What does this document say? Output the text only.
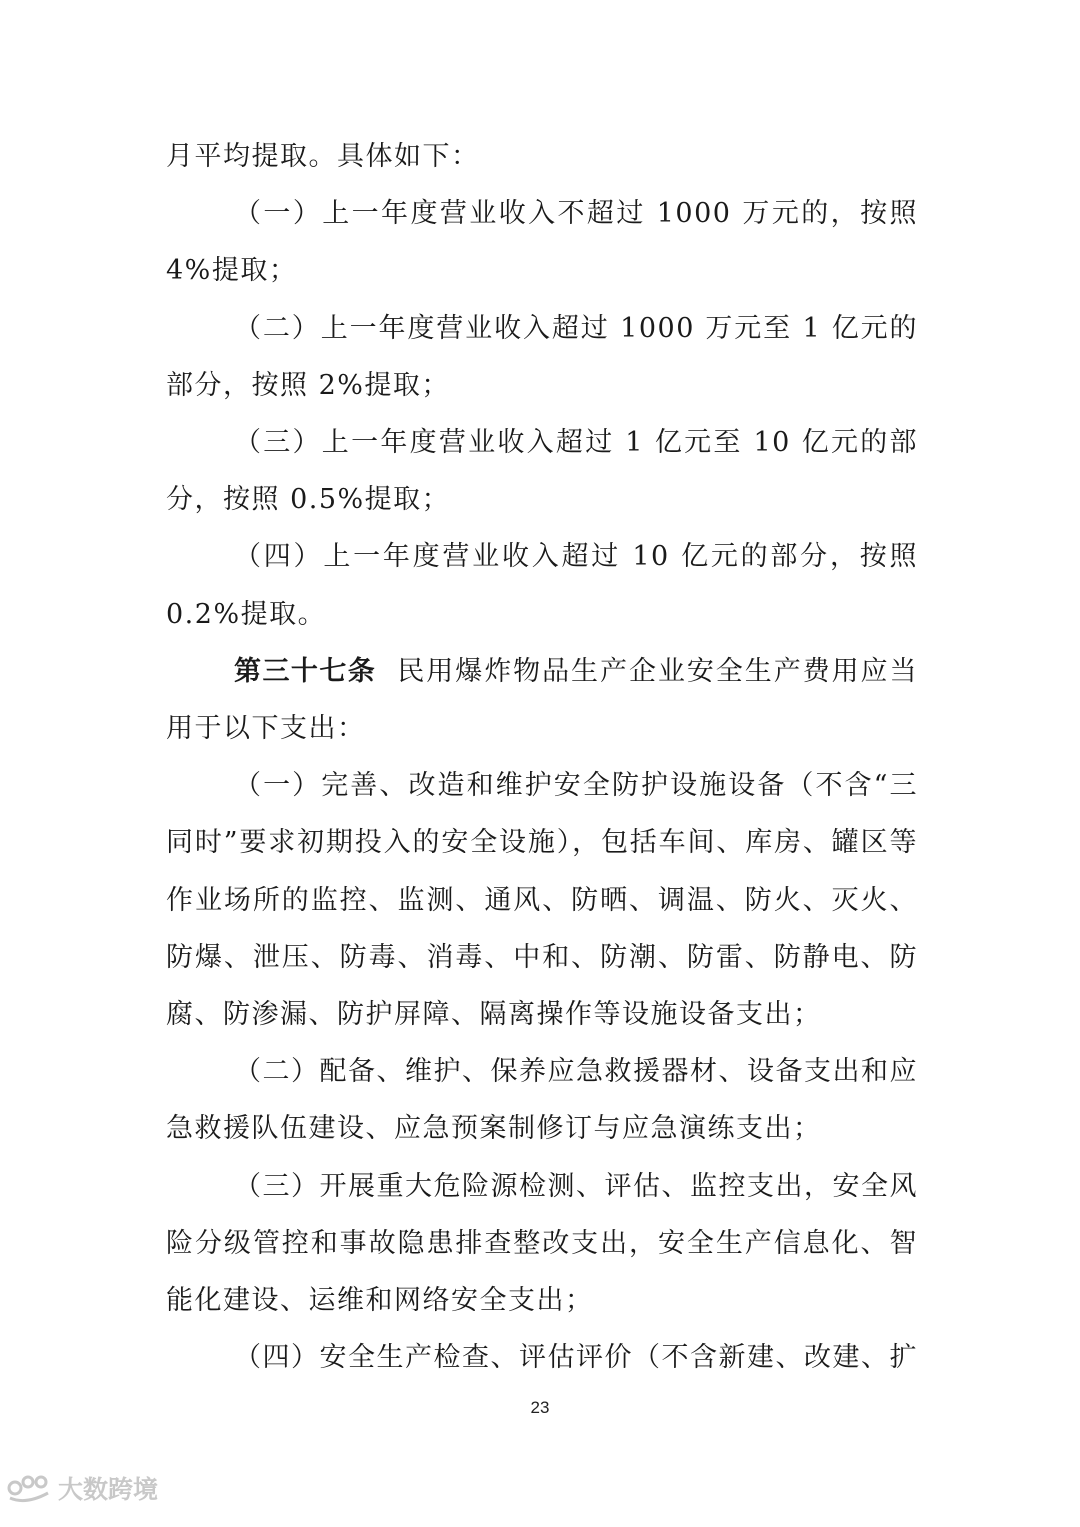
月平均提取。具体如下：

（一）上一年度营业收入不超过 1000 万元的，按照 4%提取；

（二）上一年度营业收入超过 1000 万元至 1 亿元的部分，按照 2%提取；

（三）上一年度营业收入超过 1 亿元至 10 亿元的部分，按照 0.5%提取；

（四）上一年度营业收入超过 10 亿元的部分，按照 0.2%提取。

第三十七条 民用爆炸物品生产企业安全生产费用应当用于以下支出：

（一）完善、改造和维护安全防护设施设备（不含“三同时”要求初期投入的安全设施），包括车间、库房、罐区等作业场所的监控、监测、通风、防晒、调温、防火、灭火、防爆、泄压、防毒、消毒、中和、防潮、防雷、防静电、防腐、防渗漏、防护屏障、隔离操作等设施设备支出；

（二）配备、维护、保养应急救援器材、设备支出和应急救援队伍建设、应急预案制修订与应急演练支出；

（三）开展重大危险源检测、评估、监控支出，安全风险分级管控和事故隐患排查整改支出，安全生产信息化、智能化建设、运维和网络安全支出；

（四）安全生产检查、评估评价（不含新建、改建、扩

23
大数跨境
